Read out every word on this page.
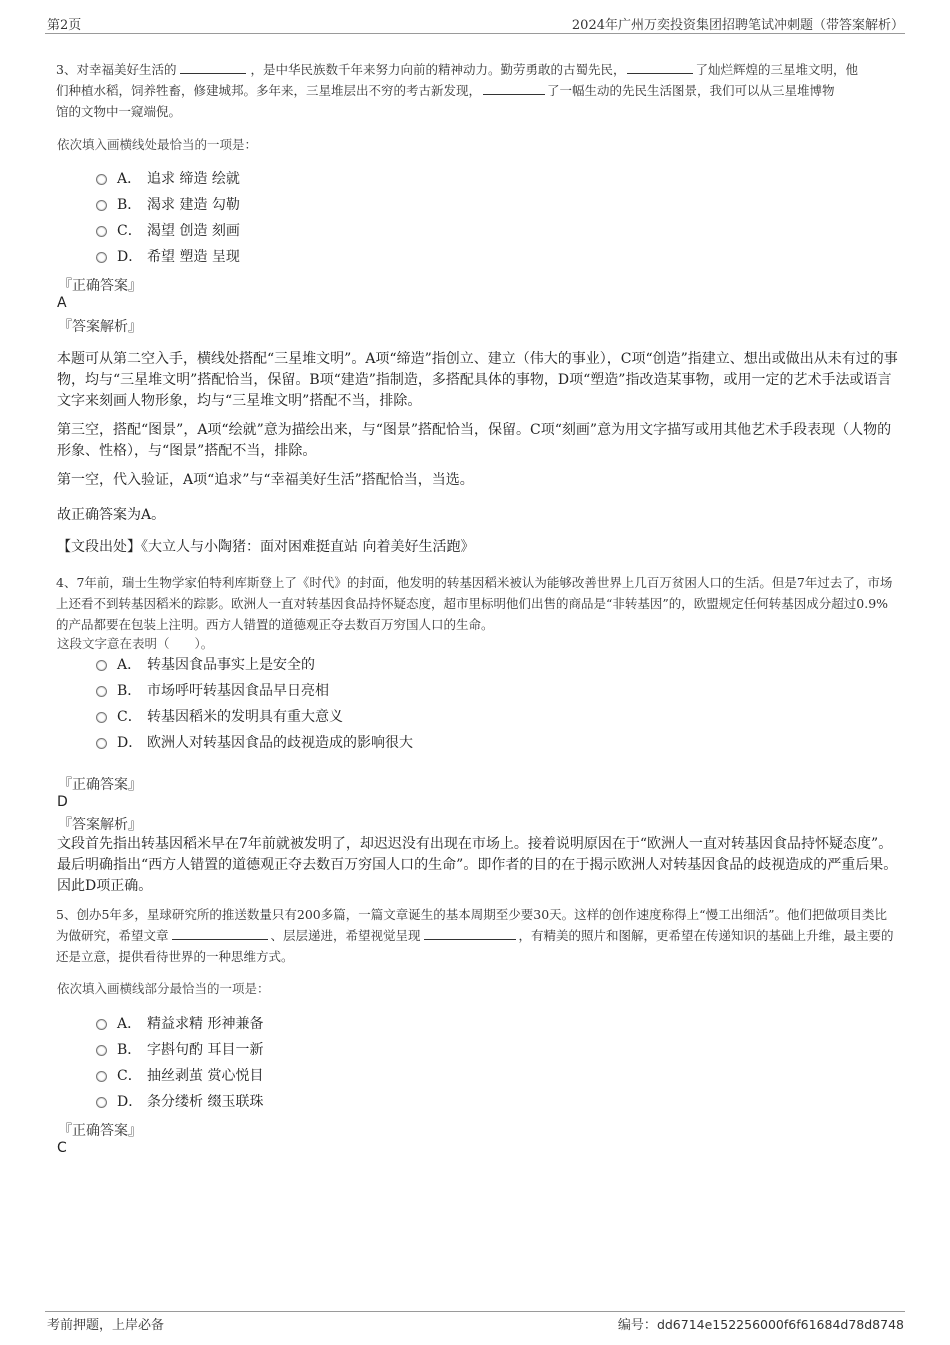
第2页	2024年广州万奕投资集团招聘笔试冲刺题（带答案解析）
3、对幸福美好生活的	，是中华民族数千年来努力向前的精神动力。勤劳勇敢的古蜀先民，	了灿烂辉煌的三星堆文明，他
们种植水稻，饲养牲畜，修建城邦。多年来，三星堆层出不穷的考古新发现，	了一幅生动的先民生活图景，我们可以从三星堆博物
馆的文物中一窥端倪。
依次填入画横线处最恰当的一项是：
A． 追求 缔造 绘就
B． 渴求 建造 勾勒
C． 渴望 创造 刻画
D． 希望 塑造 呈现
『正确答案』
A
『答案解析』
本题可从第二空入手，横线处搭配“三星堆文明”。A项“缔造”指创立、建立（伟大的事业），C项“创造”指建立、想出或做出从未有过的事物，均与“三星堆文明”搭配恰当，保留。B项“建造”指制造，多搭配具体的事物，D项“塑造”指改造某事物，或用一定的艺术手法或语言文字来刻画人物形象，均与“三星堆文明”搭配不当，排除。
第三空，搭配“图景”，A项“绘就”意为描绘出来，与“图景”搭配恰当，保留。C项“刻画”意为用文字描写或用其他艺术手段表现（人物的形象、性格），与“图景”搭配不当，排除。
第一空，代入验证，A项“追求”与“幸福美好生活”搭配恰当，当选。
故正确答案为A。
【文段出处】《大立人与小陶猪：面对困难挺直站 向着美好生活跑》
4、7年前，瑞士生物学家伯特利库斯登上了《时代》的封面，他发明的转基因稻米被认为能够改善世界上几百万贫困人口的生活。但是7年过去了，市场上还看不到转基因稻米的踪影。欧洲人一直对转基因食品持怀疑态度，超市里标明他们出售的商品是“非转基因”的，欧盟规定任何转基因成分超过0.9%的产品都要在包装上注明。西方人错置的道德观正夺去数百万穷国人口的生命。
这段文字意在表明（　　）。
A． 转基因食品事实上是安全的
B． 市场呼吁转基因食品早日亮相
C． 转基因稻米的发明具有重大意义
D． 欧洲人对转基因食品的歧视造成的影响很大
『正确答案』
D
『答案解析』
文段首先指出转基因稻米早在7年前就被发明了，却迟迟没有出现在市场上。接着说明原因在于“欧洲人一直对转基因食品持怀疑态度”。最后明确指出“西方人错置的道德观正夺去数百万穷国人口的生命”。即作者的目的在于揭示欧洲人对转基因食品的歧视造成的严重后果。因此D项正确。
5、创办5年多，星球研究所的推送数量只有200多篇，一篇文章诞生的基本周期至少要30天。这样的创作速度称得上“慢工出细活”。他们把做项目类比为做研究，希望文章	、层层递进，希望视觉呈现	，有精美的照片和图解，更希望在传递知识的基础上升维，最主要的还是立意，提供看待世界的一种思维方式。
依次填入画横线部分最恰当的一项是：
A． 精益求精 形神兼备
B． 字斟句酌 耳目一新
C． 抽丝剥茧 赏心悦目
D． 条分缕析 缀玉联珠
『正确答案』
C
考前押题，上岸必备	编号：dd6714e152256000f6f61684d78d8748
